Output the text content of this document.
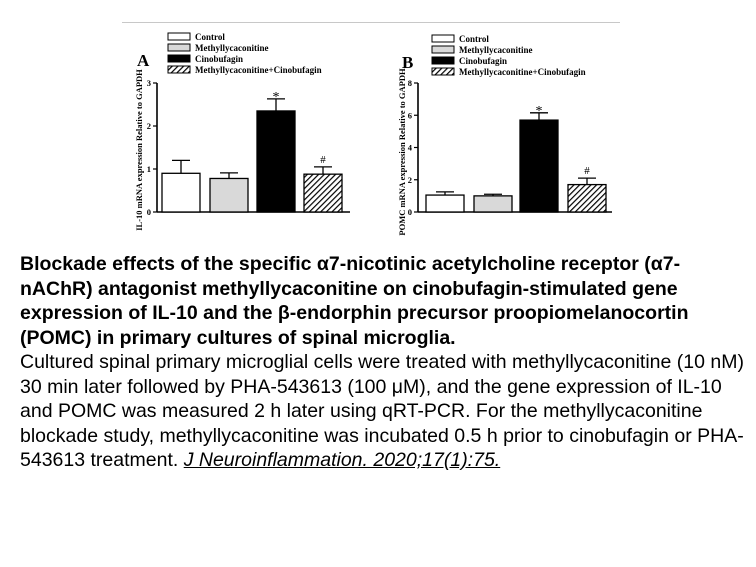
A
Control
Methyllycaconitine
Cinobufagin
Methyllycaconitine+Cinobufagin
IL-10 mRNA expression Relative to GAPDH 0
1
2
3
*
#
B
Control
Methyllycaconitine
Cinobufagin
Methyllycaconitine+Cinobufagin
POMC mRNA expression Relative to GAPDH 0
2
4
6
8
*
#
Blockade effects of the specific α7-nicotinic acetylcholine receptor (α7-nAChR) antagonist methyllycaconitine on cinobufagin-stimulated gene expression of IL-10 and the β-endorphin precursor proopiomelanocortin (POMC) in primary cultures of spinal microglia.
Cultured spinal primary microglial cells were treated with methyllycaconitine (10 nM) 30 min later followed by PHA-543613 (100 μM), and the gene expression of IL-10 and POMC was measured 2 h later using qRT-PCR. For the methyllycaconitine blockade study, methyllycaconitine was incubated 0.5 h prior to cinobufagin or PHA-543613 treatment. J Neuroinflammation. 2020;17(1):75.
